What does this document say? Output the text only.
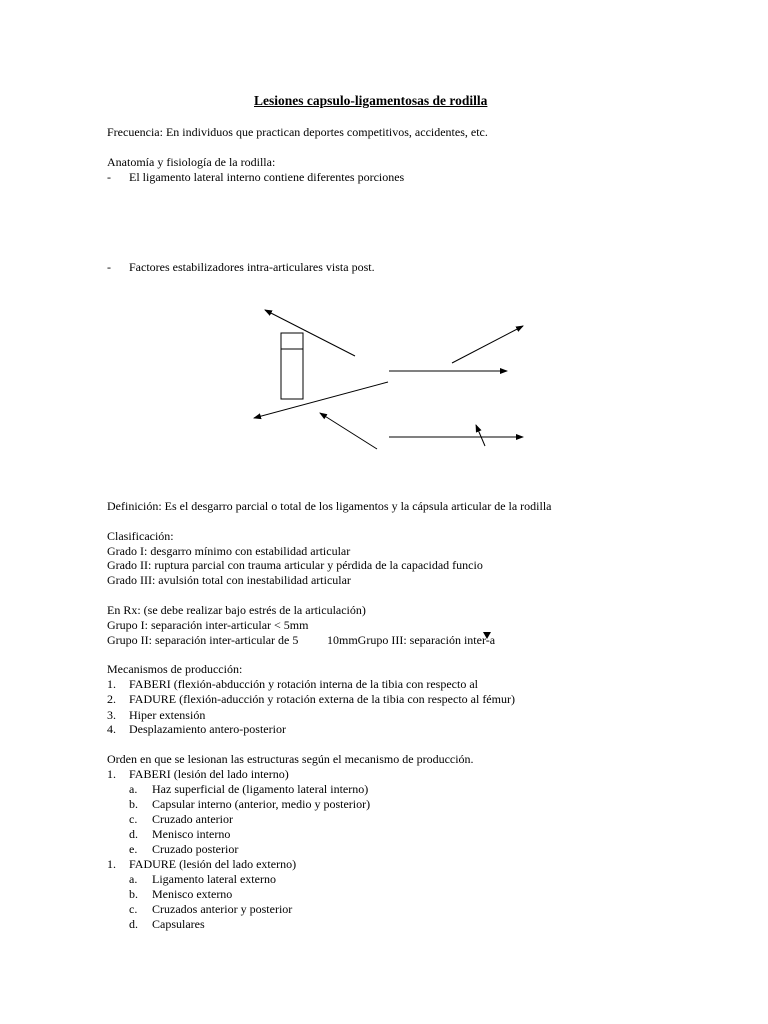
Lesiones capsulo-ligamentosas de rodilla
Frecuencia: En individuos que practican deportes competitivos, accidentes, etc.
Anatomía y fisiología de la rodilla:
- El ligamento lateral interno contiene diferentes porciones
- Factores estabilizadores intra-articulares vista post.
Definición: Es el desgarro parcial o total de los ligamentos y la cápsula articular de la rodilla
Clasificación:
Grado I: desgarro mínimo con estabilidad articular
Grado II: ruptura parcial con trauma articular y pérdida de la capacidad funcio
Grado III: avulsión total con inestabilidad articular
En Rx: (se debe realizar bajo estrés de la articulación)
Grupo I: separación inter-articular < 5mm
Grupo II: separación inter-articular de 5 10mmGrupo III: separación inter-a
Mecanismos de producción:
1. FABERI (flexión-abducción y rotación interna de la tibia con respecto al
2. FADURE (flexión-aducción y rotación externa de la tibia con respecto al fémur)
3. Hiper extensión
4. Desplazamiento antero-posterior
Orden en que se lesionan las estructuras según el mecanismo de producción.
1. FABERI (lesión del lado interno)
a. Haz superficial de (ligamento lateral interno)
b. Capsular interno (anterior, medio y posterior)
c. Cruzado anterior
d. Menisco interno
e. Cruzado posterior
1. FADURE (lesión del lado externo)
a. Ligamento lateral externo
b. Menisco externo
c. Cruzados anterior y posterior
d. Capsulares
